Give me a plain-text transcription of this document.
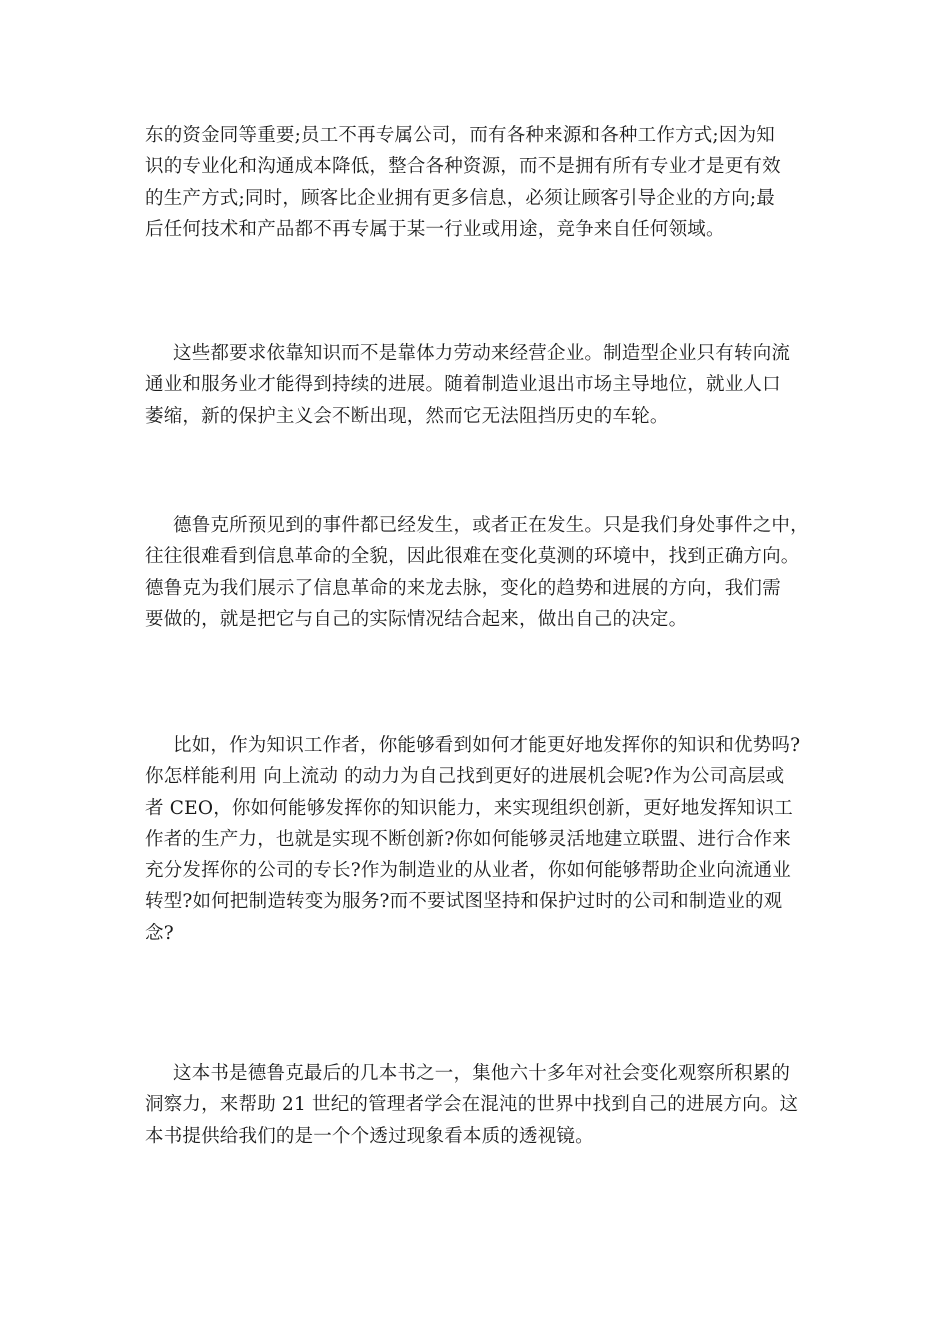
东的资金同等重要;员工不再专属公司，而有各种来源和各种工作方式;因为知
识的专业化和沟通成本降低，整合各种资源，而不是拥有所有专业才是更有效
的生产方式;同时，顾客比企业拥有更多信息，必须让顾客引导企业的方向;最
后任何技术和产品都不再专属于某一行业或用途，竞争来自任何领域。

这些都要求依靠知识而不是靠体力劳动来经营企业。制造型企业只有转向流
通业和服务业才能得到持续的进展。随着制造业退出市场主导地位，就业人口
萎缩，新的保护主义会不断出现，然而它无法阻挡历史的车轮。

德鲁克所预见到的事件都已经发生，或者正在发生。只是我们身处事件之中，
往往很难看到信息革命的全貌，因此很难在变化莫测的环境中，找到正确方向。
德鲁克为我们展示了信息革命的来龙去脉，变化的趋势和进展的方向，我们需
要做的，就是把它与自己的实际情况结合起来，做出自己的决定。

比如，作为知识工作者，你能够看到如何才能更好地发挥你的知识和优势吗?
你怎样能利用 向上流动 的动力为自己找到更好的进展机会呢?作为公司高层或
者 CEO，你如何能够发挥你的知识能力，来实现组织创新，更好地发挥知识工
作者的生产力，也就是实现不断创新?你如何能够灵活地建立联盟、进行合作来
充分发挥你的公司的专长?作为制造业的从业者，你如何能够帮助企业向流通业
转型?如何把制造转变为服务?而不要试图坚持和保护过时的公司和制造业的观
念?

这本书是德鲁克最后的几本书之一，集他六十多年对社会变化观察所积累的
洞察力，来帮助 21 世纪的管理者学会在混沌的世界中找到自己的进展方向。这
本书提供给我们的是一个个透过现象看本质的透视镜。
